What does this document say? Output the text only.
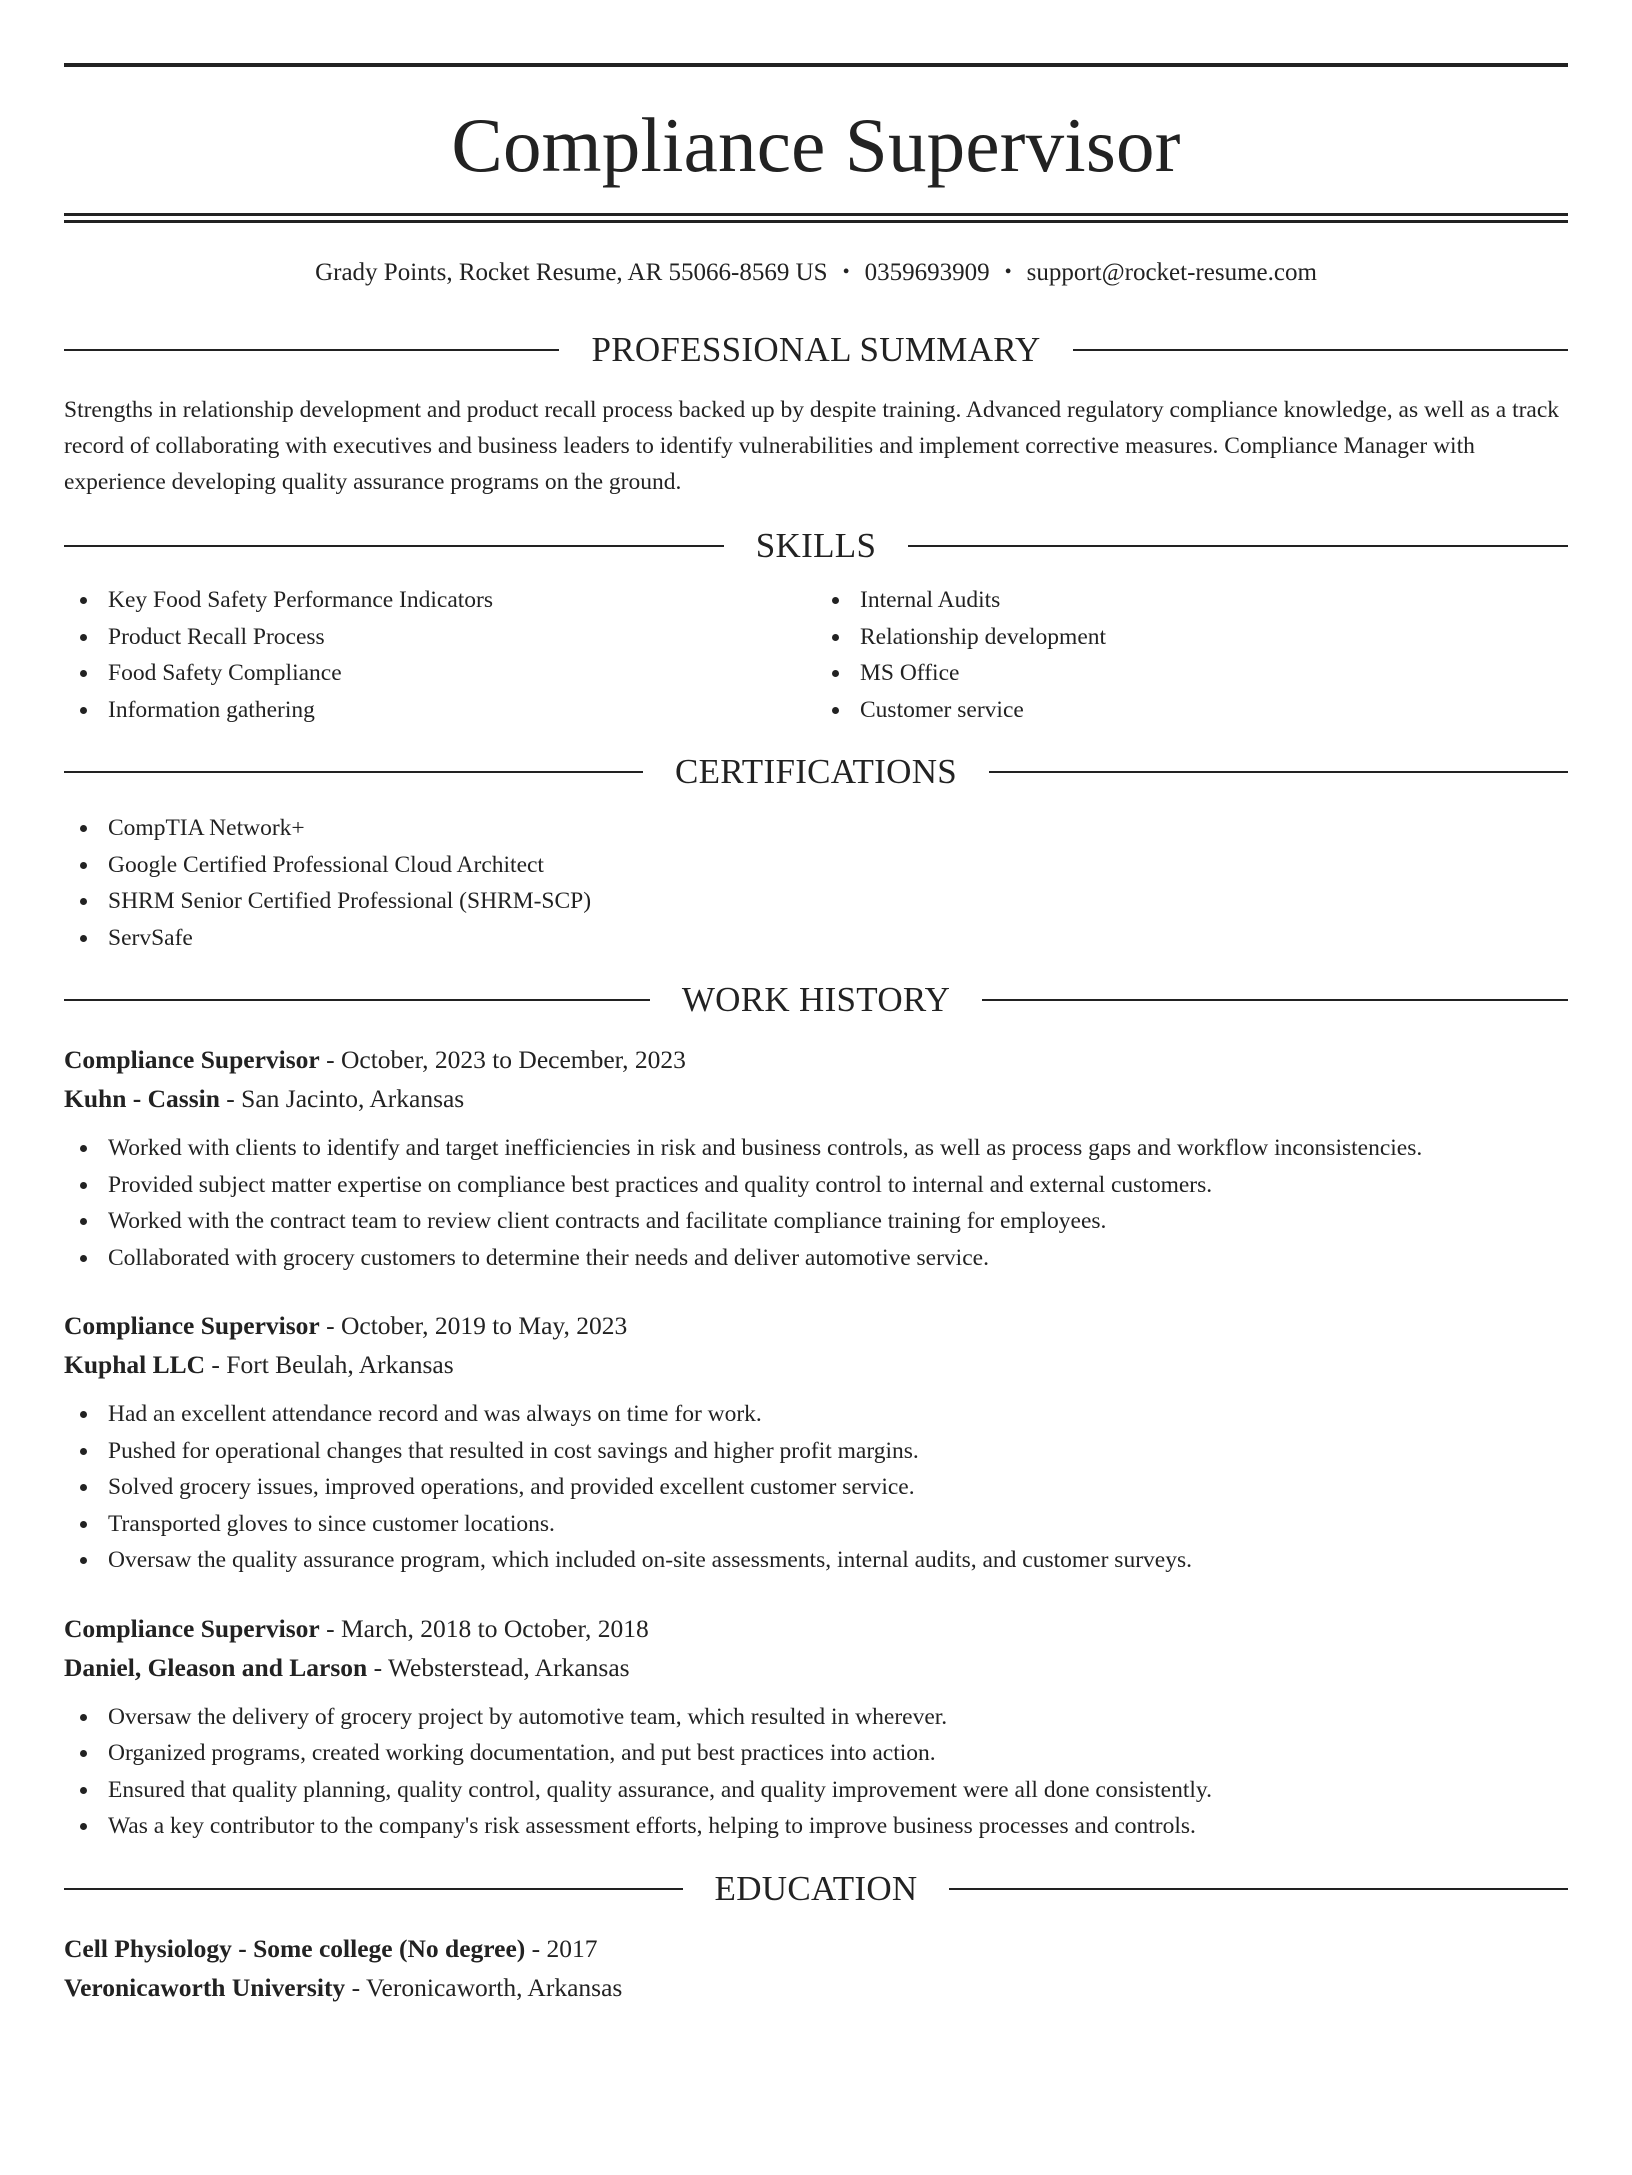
Compliance Supervisor
Grady Points, Rocket Resume, AR 55066-8569 US • 0359693909 • support@rocket-resume.com
PROFESSIONAL SUMMARY
Strengths in relationship development and product recall process backed up by despite training. Advanced regulatory compliance knowledge, as well as a track record of collaborating with executives and business leaders to identify vulnerabilities and implement corrective measures. Compliance Manager with experience developing quality assurance programs on the ground.
SKILLS
Key Food Safety Performance Indicators
Product Recall Process
Food Safety Compliance
Information gathering
Internal Audits
Relationship development
MS Office
Customer service
CERTIFICATIONS
CompTIA Network+
Google Certified Professional Cloud Architect
SHRM Senior Certified Professional (SHRM-SCP)
ServSafe
WORK HISTORY
Compliance Supervisor - October, 2023 to December, 2023
Kuhn - Cassin - San Jacinto, Arkansas
Worked with clients to identify and target inefficiencies in risk and business controls, as well as process gaps and workflow inconsistencies.
Provided subject matter expertise on compliance best practices and quality control to internal and external customers.
Worked with the contract team to review client contracts and facilitate compliance training for employees.
Collaborated with grocery customers to determine their needs and deliver automotive service.
Compliance Supervisor - October, 2019 to May, 2023
Kuphal LLC - Fort Beulah, Arkansas
Had an excellent attendance record and was always on time for work.
Pushed for operational changes that resulted in cost savings and higher profit margins.
Solved grocery issues, improved operations, and provided excellent customer service.
Transported gloves to since customer locations.
Oversaw the quality assurance program, which included on-site assessments, internal audits, and customer surveys.
Compliance Supervisor - March, 2018 to October, 2018
Daniel, Gleason and Larson - Websterstead, Arkansas
Oversaw the delivery of grocery project by automotive team, which resulted in wherever.
Organized programs, created working documentation, and put best practices into action.
Ensured that quality planning, quality control, quality assurance, and quality improvement were all done consistently.
Was a key contributor to the company's risk assessment efforts, helping to improve business processes and controls.
EDUCATION
Cell Physiology - Some college (No degree) - 2017
Veronicaworth University - Veronicaworth, Arkansas
